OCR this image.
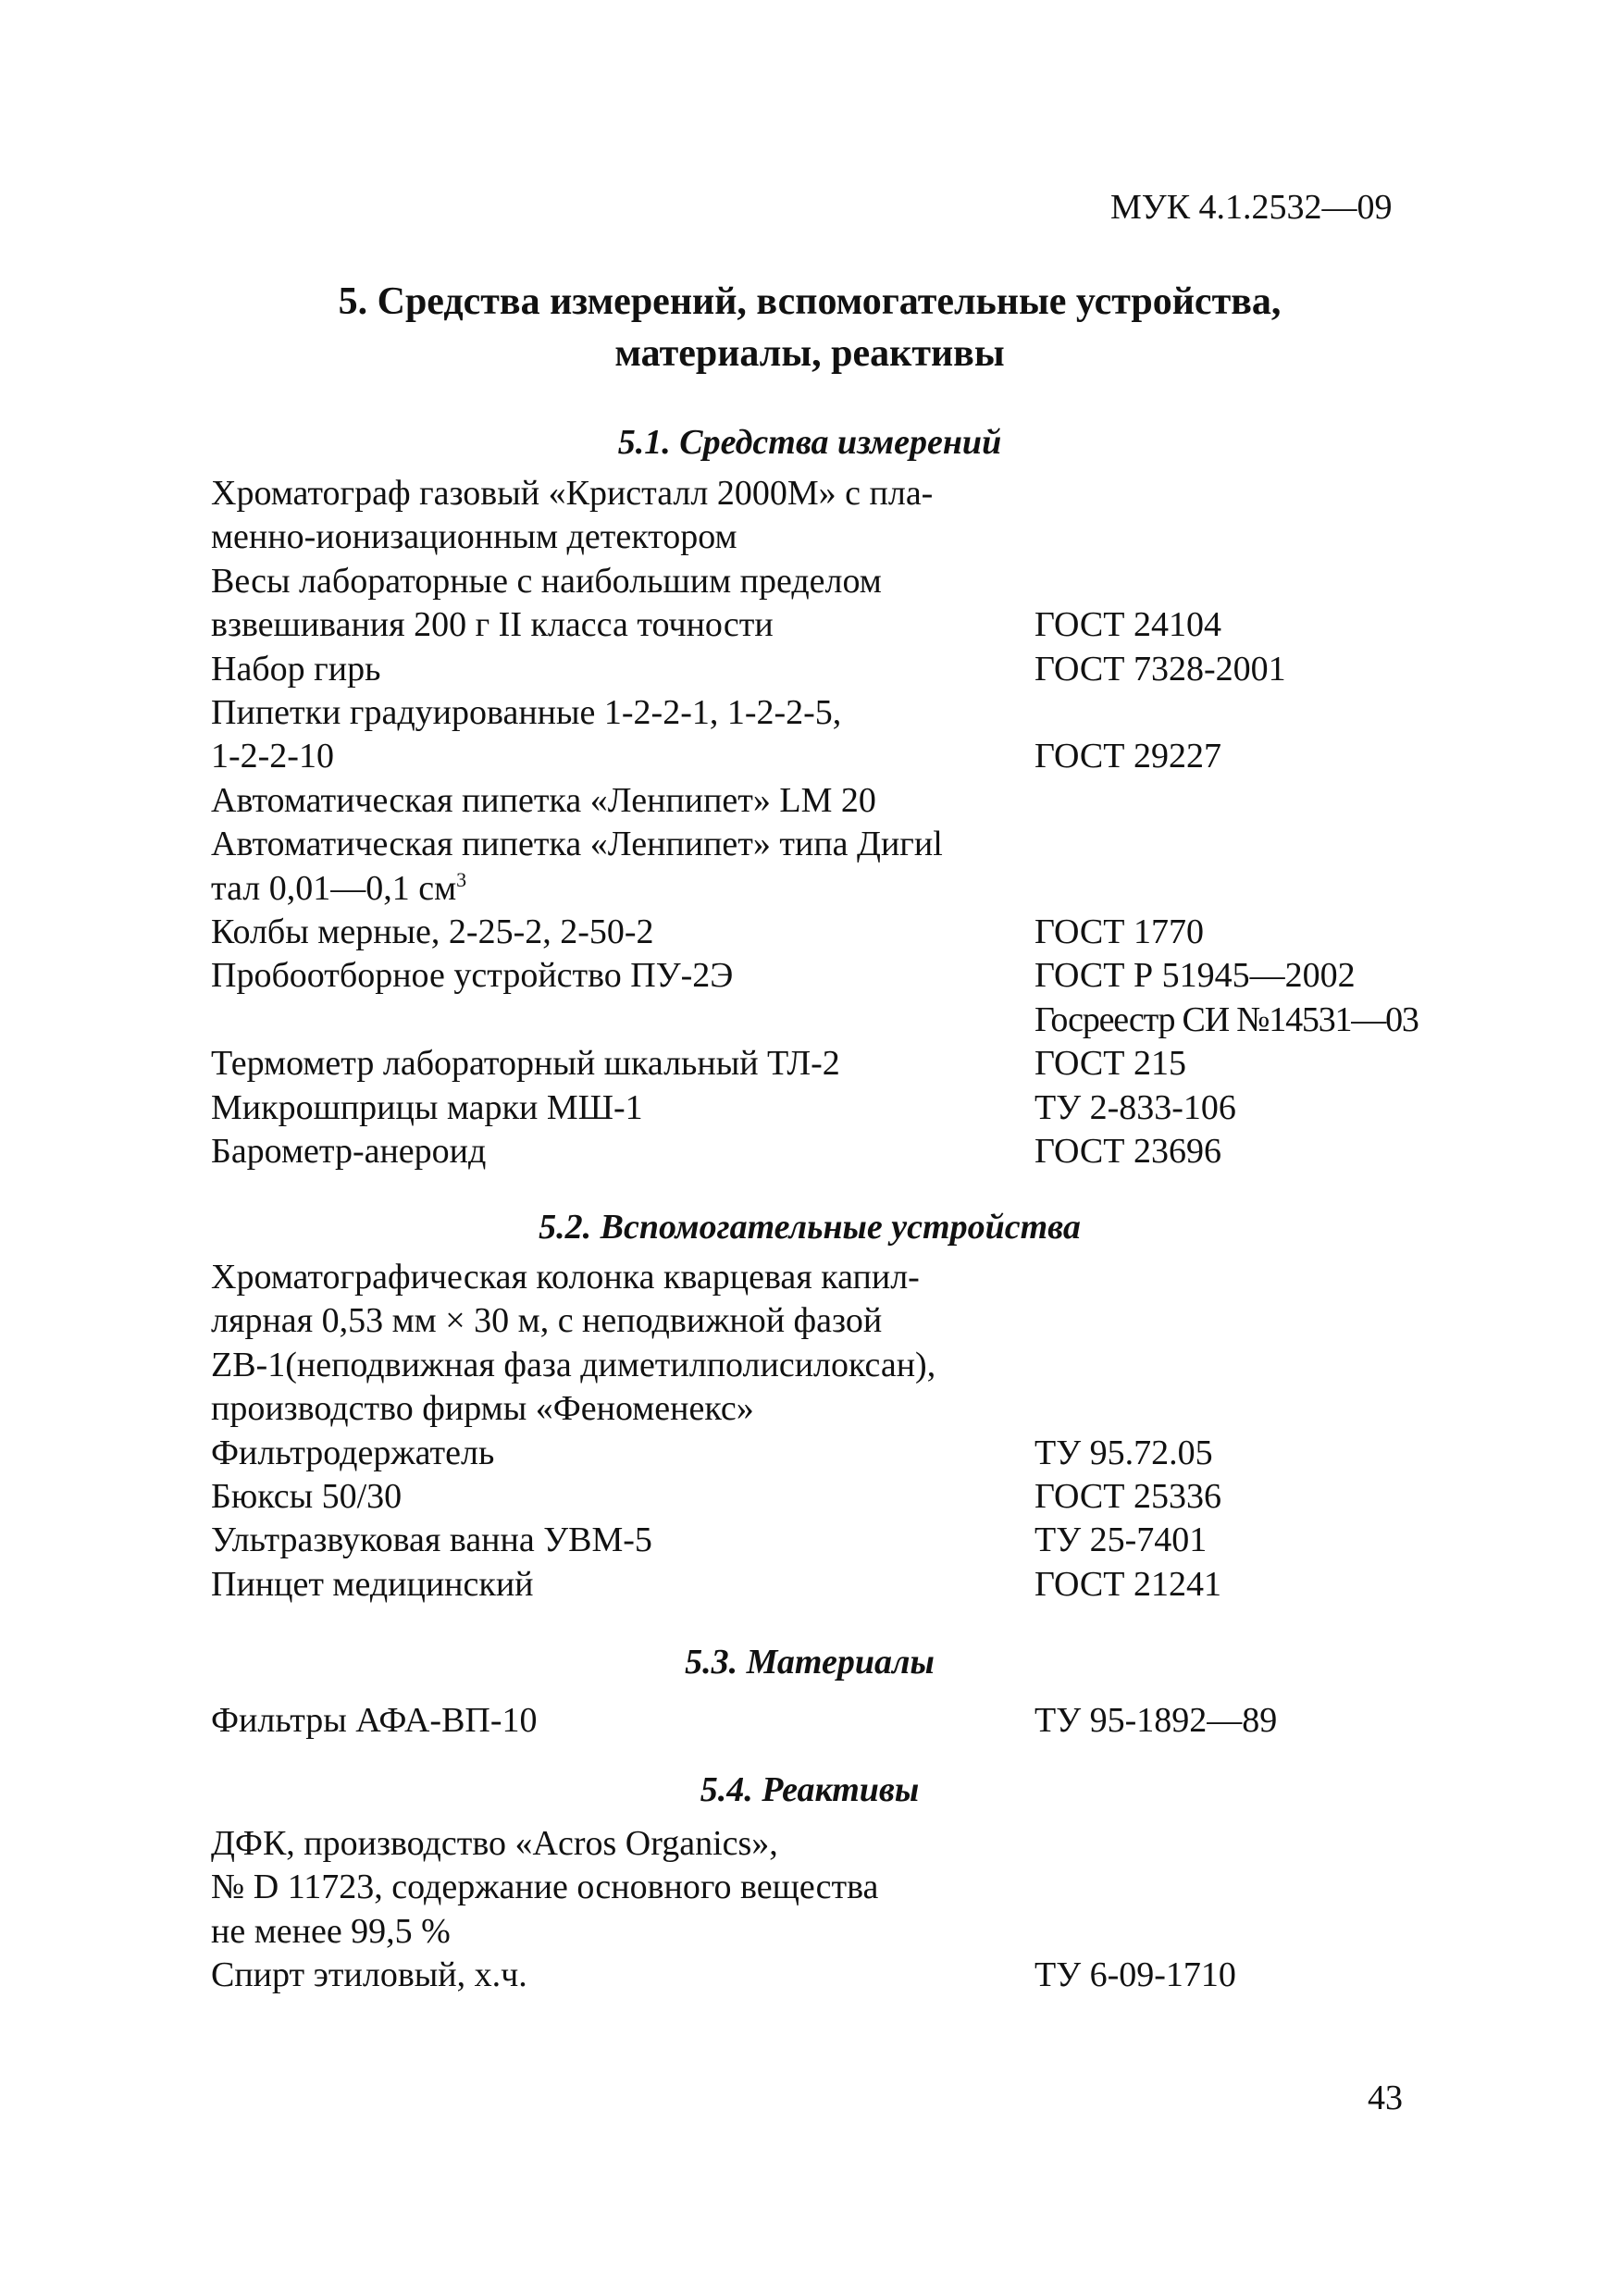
МУК 4.1.2532—09
5. Средства измерений, вспомогательные устройства,
материалы, реактивы
5.1. Средства измерений
Хроматограф газовый «Кристалл 2000М» с пла-
менно-ионизационным детектором
Весы лабораторные с наибольшим пределом
взвешивания 200 г II класса точности	ГОСТ 24104
Набор гирь	ГОСТ 7328-2001
Пипетки градуированные 1-2-2-1, 1-2-2-5,
1-2-2-10	ГОСТ 29227
Автоматическая пипетка «Ленпипет» LM 20
Автоматическая пипетка «Ленпипет» типа Дигиl
тал 0,01—0,1 $см^3$
Колбы мерные, 2-25-2, 2-50-2	ГОСТ 1770
Пробоотборное устройство ПУ-2Э	ГОСТ Р 51945—2002
Госреестр СИ №14531—03
Термометр лабораторный шкальный ТЛ-2	ГОСТ 215
Микрошприцы марки МШ-1	ТУ 2-833-106
Барометр-анероид	ГОСТ 23696
5.2. Вспомогательные устройства
Хроматографическая колонка кварцевая капил-
лярная 0,53 мм × 30 м, с неподвижной фазой
ZB-1(неподвижная фаза диметилполисилоксан),
производство фирмы «Феноменекс»
Фильтродержатель	ТУ 95.72.05
Бюксы 50/30	ГОСТ 25336
Ультразвуковая ванна УВМ-5	ТУ 25-7401
Пинцет медицинский	ГОСТ 21241
5.3. Материалы
Фильтры АФА-ВП-10	ТУ 95-1892—89
5.4. Реактивы
ДФК, производство «Acros Organics»,
№ D 11723, содержание основного вещества
не менее 99,5 %
Спирт этиловый, х.ч.	ТУ 6-09-1710
43
